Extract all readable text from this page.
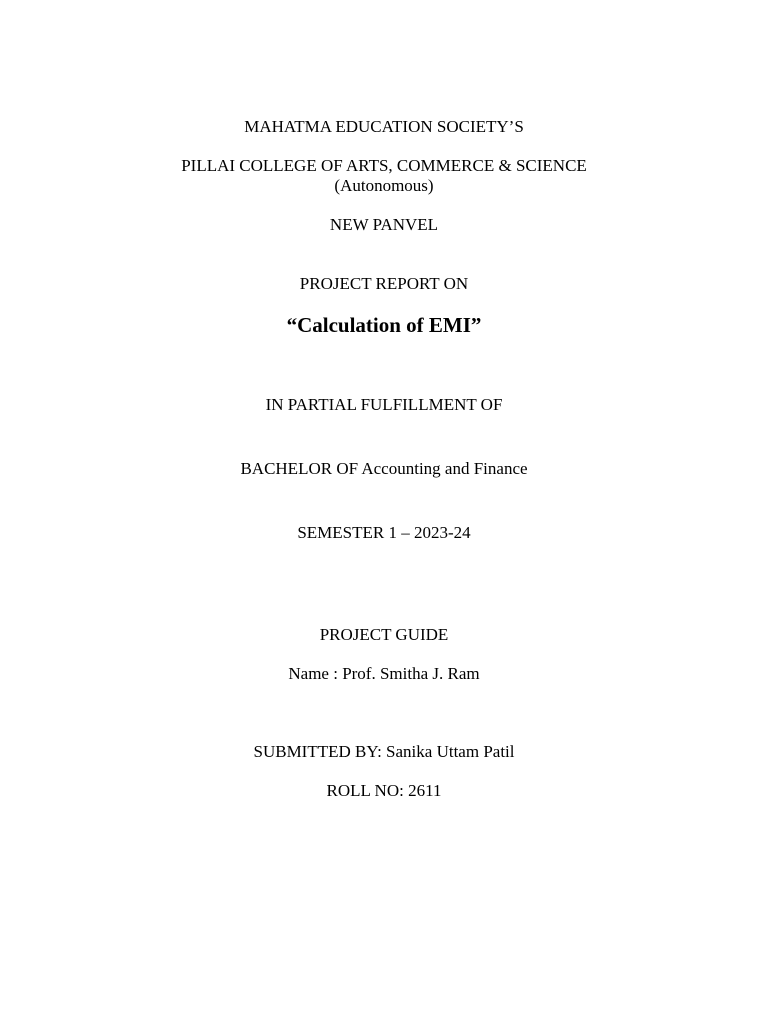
MAHATMA EDUCATION SOCIETY’S
PILLAI COLLEGE OF ARTS, COMMERCE & SCIENCE
(Autonomous)
NEW PANVEL
PROJECT REPORT ON
“Calculation of EMI”
IN PARTIAL FULFILLMENT OF
BACHELOR OF Accounting and Finance
SEMESTER 1 – 2023-24
PROJECT GUIDE
Name : Prof. Smitha J. Ram
SUBMITTED BY: Sanika Uttam Patil
ROLL NO: 2611
